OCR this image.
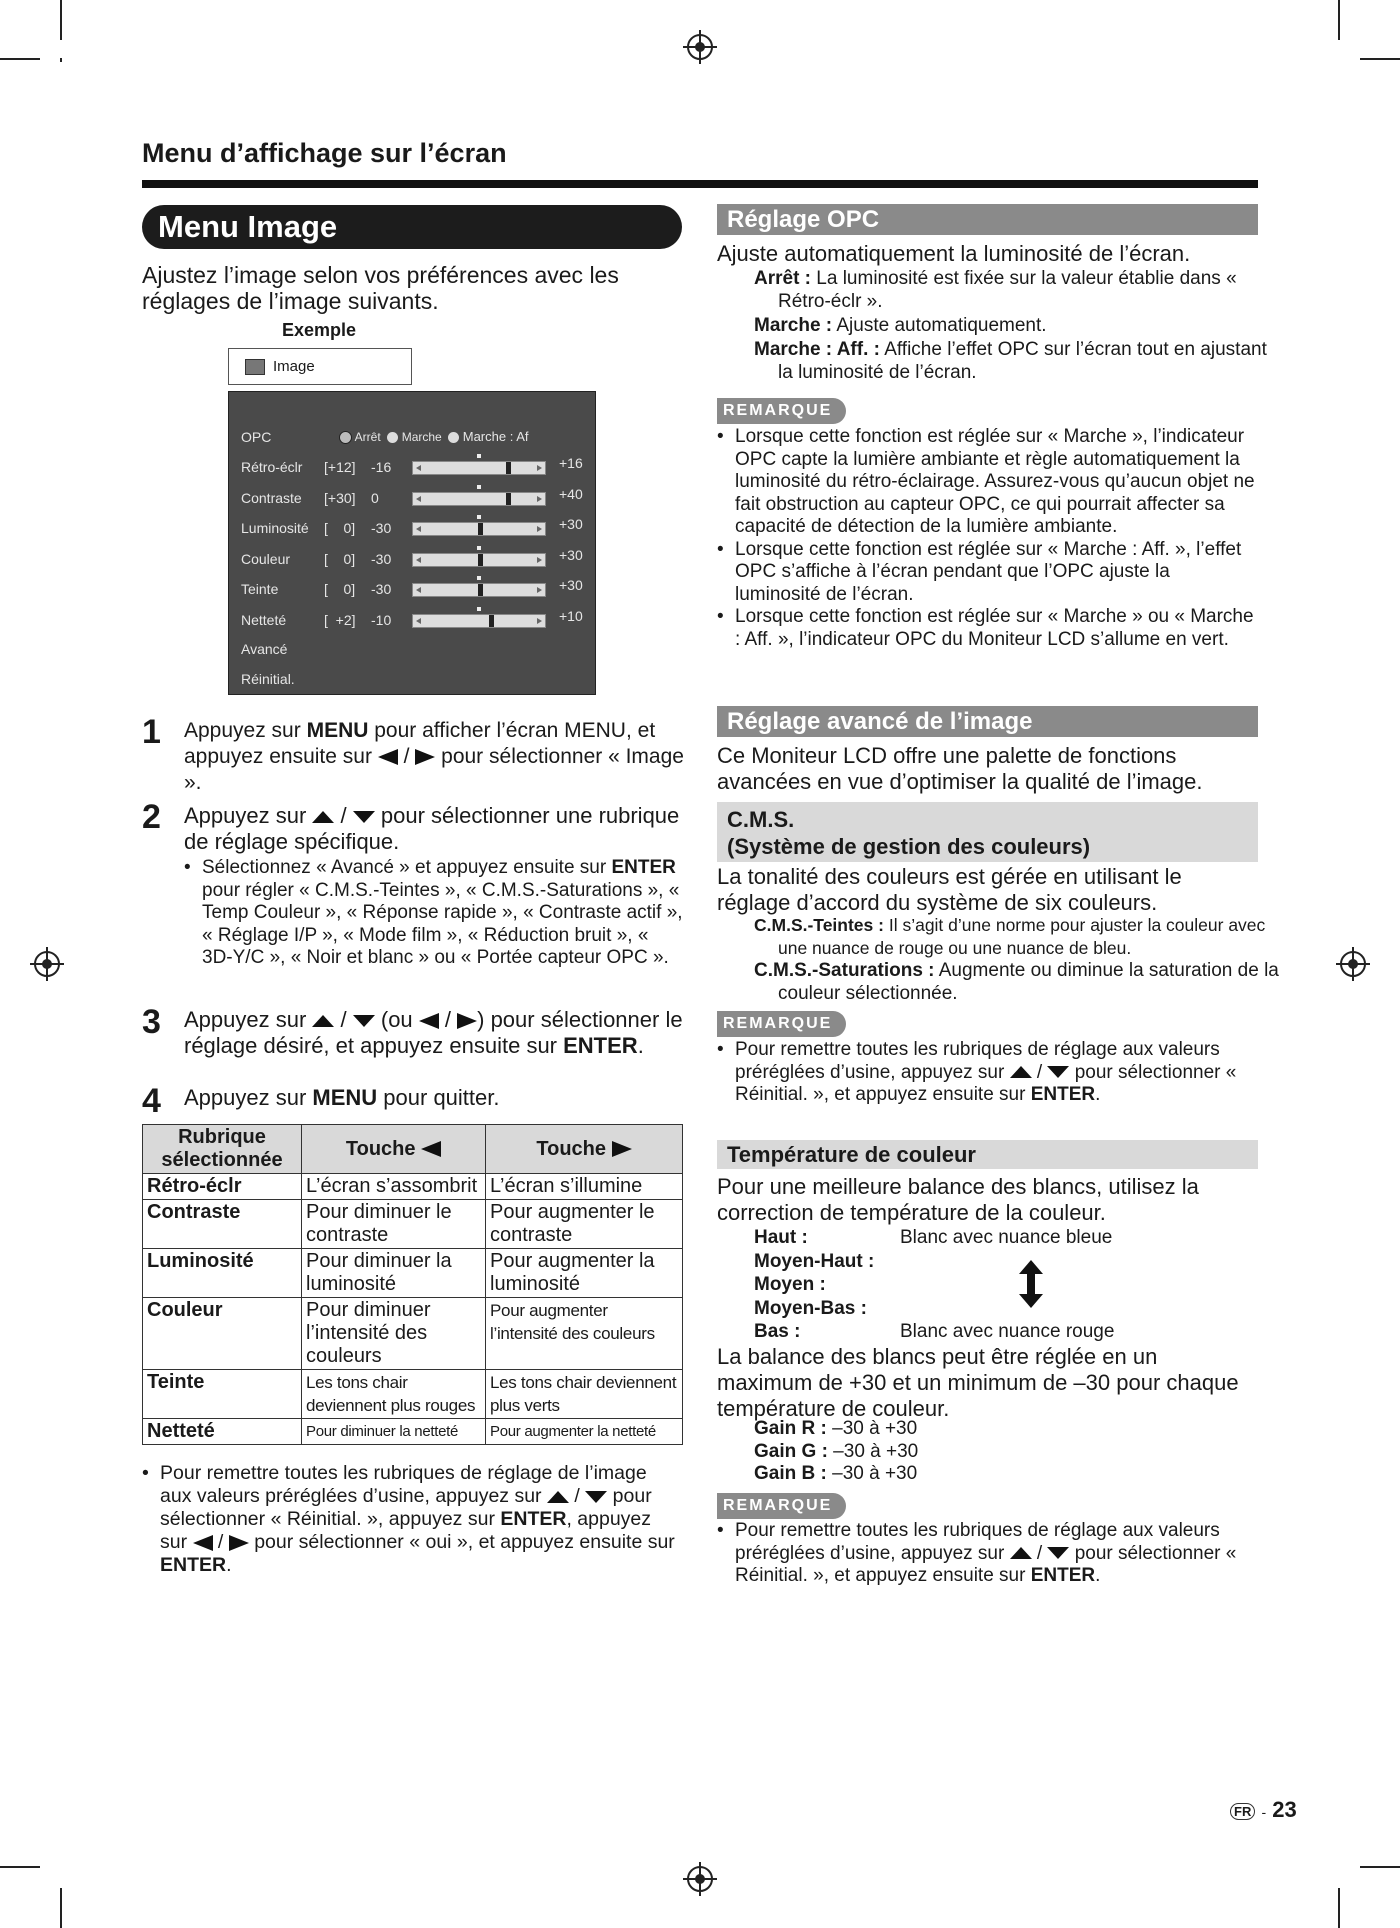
Menu d’affichage sur l’écran
Menu Image
Ajustez l’image selon vos préférences avec les réglages de l’image suivants.
Exemple
Image
OPC	Arrêt Marche Marche : Af
Avancé
Réinitial.
Rétro-éclr [+12] -16	+16
Contraste [+30] 0	+40
Luminosité [    0] -30	+30
Couleur [    0] -30	+30
Teinte	[    0] -30	+30
Netteté	[  +2] -10	+10
1 Appuyez sur MENU pour afficher l’écran MENU, et appuyez ensuite sur  /  pour sélectionner « Image ».
2 Appuyez sur  /  pour sélectionner une rubrique de réglage spécifique.
• Sélectionnez « Avancé » et appuyez ensuite sur ENTER pour régler « C.M.S.-Teintes », « C.M.S.-Saturations », « Temp Couleur », « Réponse rapide », « Contraste actif », « Réglage I/P », « Mode film », « Réduction bruit », « 3D-Y/C », « Noir et blanc » ou « Portée capteur OPC ».
3 Appuyez sur  /  (ou  / ) pour sélectionner le réglage désiré, et appuyez ensuite sur ENTER.
4 Appuyez sur MENU pour quitter.
Rubrique sélectionnée	Touche	Touche
Rétro-éclr	L’écran s’assombrit	L’écran s’illumine
Contraste	Pour diminuer le contraste	Pour augmenter le contraste
Luminosité	Pour diminuer la luminosité	Pour augmenter la luminosité
Couleur	Pour diminuer l’intensité des couleurs	Pour augmenter l’intensité des couleurs
Teinte	Les tons chair deviennent plus rouges	Les tons chair deviennent plus verts
Netteté	Pour diminuer la netteté	Pour augmenter la netteté
• Pour remettre toutes les rubriques de réglage de l’image aux valeurs préréglées d’usine, appuyez sur  /  pour sélectionner « Réinitial. », appuyez sur ENTER, appuyez sur  /  pour sélectionner « oui », et appuyez ensuite sur ENTER.
Réglage OPC
Ajuste automatiquement la luminosité de l’écran.
Arrêt : La luminosité est fixée sur la valeur établie dans « Rétro-éclr ».
Marche : Ajuste automatiquement.
Marche : Aff. : Affiche l’effet OPC sur l’écran tout en ajustant la luminosité de l’écran.
REMARQUE
• Lorsque cette fonction est réglée sur « Marche », l’indicateur OPC capte la lumière ambiante et règle automatiquement la luminosité du rétro-éclairage. Assurez-vous qu’aucun objet ne fait obstruction au capteur OPC, ce qui pourrait affecter sa capacité de détection de la lumière ambiante.
• Lorsque cette fonction est réglée sur « Marche : Aff. », l’effet OPC s’affiche à l’écran pendant que l’OPC ajuste la luminosité de l’écran.
• Lorsque cette fonction est réglée sur « Marche » ou « Marche : Aff. », l’indicateur OPC du Moniteur LCD s’allume en vert.
Réglage avancé de l’image
Ce Moniteur LCD offre une palette de fonctions avancées en vue d’optimiser la qualité de l’image.
C.M.S.
(Système de gestion des couleurs)
La tonalité des couleurs est gérée en utilisant le réglage d’accord du système de six couleurs.
C.M.S.-Teintes : Il s’agit d’une norme pour ajuster la couleur avec une nuance de rouge ou une nuance de bleu.
C.M.S.-Saturations : Augmente ou diminue la saturation de la couleur sélectionnée.
REMARQUE
• Pour remettre toutes les rubriques de réglage aux valeurs préréglées d’usine, appuyez sur  /  pour sélectionner « Réinitial. », et appuyez ensuite sur ENTER.
Température de couleur
Pour une meilleure balance des blancs, utilisez la correction de température de la couleur.
Haut :	Blanc avec nuance bleue
Moyen-Haut :
Moyen :
Moyen-Bas :
Bas :	Blanc avec nuance rouge
La balance des blancs peut être réglée en un maximum de +30 et un minimum de –30 pour chaque température de couleur.
Gain R : –30 à +30
Gain G : –30 à +30
Gain B : –30 à +30
REMARQUE
• Pour remettre toutes les rubriques de réglage aux valeurs préréglées d’usine, appuyez sur  /  pour sélectionner « Réinitial. », et appuyez ensuite sur ENTER.
FR - 23
